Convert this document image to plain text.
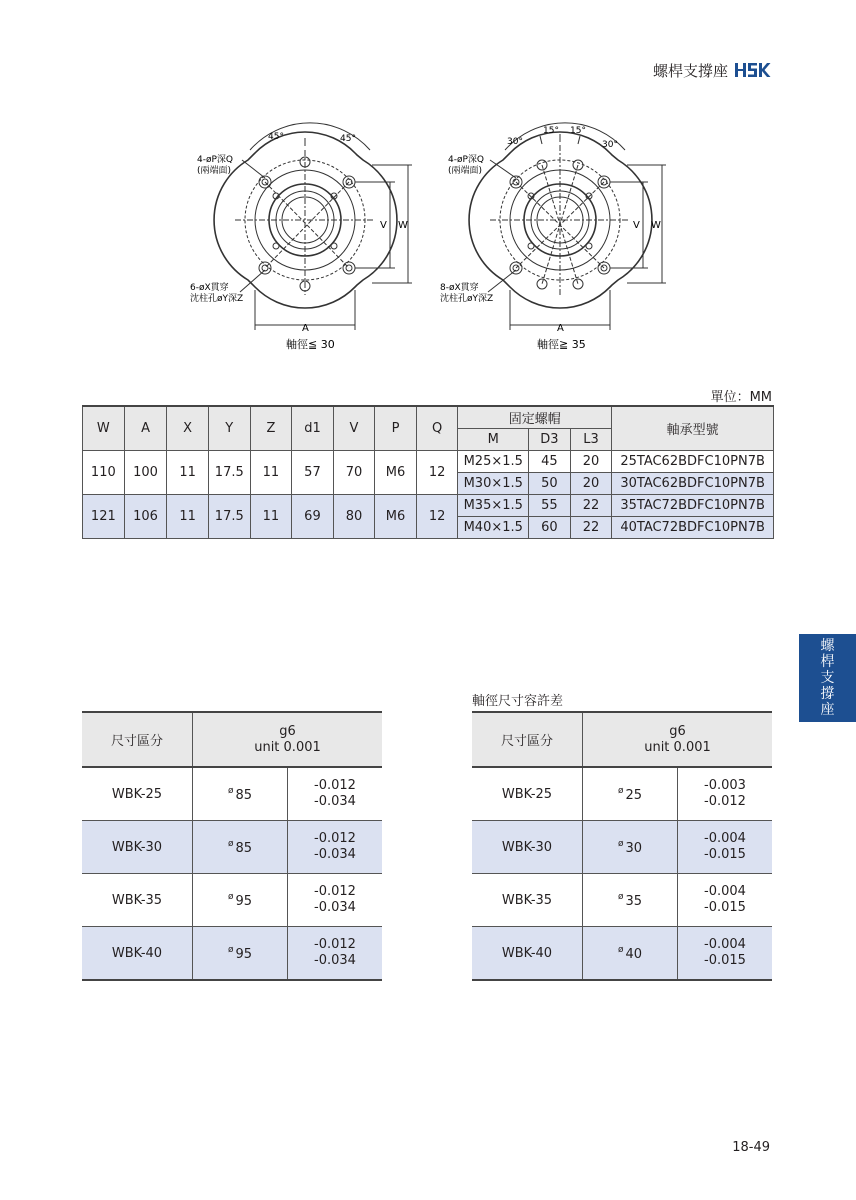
螺桿支撐座
螺桿支撐座
45°	45°
4-øP深Q
(兩端面)
6-øX貫穿
沈柱孔øY深Z
V W
A
軸徑≦ 30
30°
15° 15°
30°
4-øP深Q
(兩端面)
8-øX貫穿
沈柱孔øY深Z
V W
A
軸徑≧ 35
單位：MM
W	A	X	Y	Z	d1	V	P	Q	固定螺帽			軸承型號
									M	D3	L3	
110	100	11	17.5	11	57	70	M6	12	M25×1.5	45	20	25TAC62BDFC10PN7B
									M30×1.5	50	20	30TAC62BDFC10PN7B
121	106	11	17.5	11	69	80	M6	12	M35×1.5	55	22	35TAC72BDFC10PN7B
									M40×1.5	60	22	40TAC72BDFC10PN7B
軸徑尺寸容許差
尺寸區分	g6
unit 0.001	

WBK-25	$^ø$ 85	-0.012
-0.034

WBK-30	$^ø$ 85	-0.012
-0.034

WBK-35	$^ø$ 95	-0.012
-0.034

WBK-40	$^ø$ 95	-0.012
-0.034
尺寸區分	g6
unit 0.001	

WBK-25	$^ø$ 25	-0.003
-0.012

WBK-30	$^ø$ 30	-0.004
-0.015

WBK-35	$^ø$ 35	-0.004
-0.015

WBK-40	$^ø$ 40	-0.004
-0.015
18-49
